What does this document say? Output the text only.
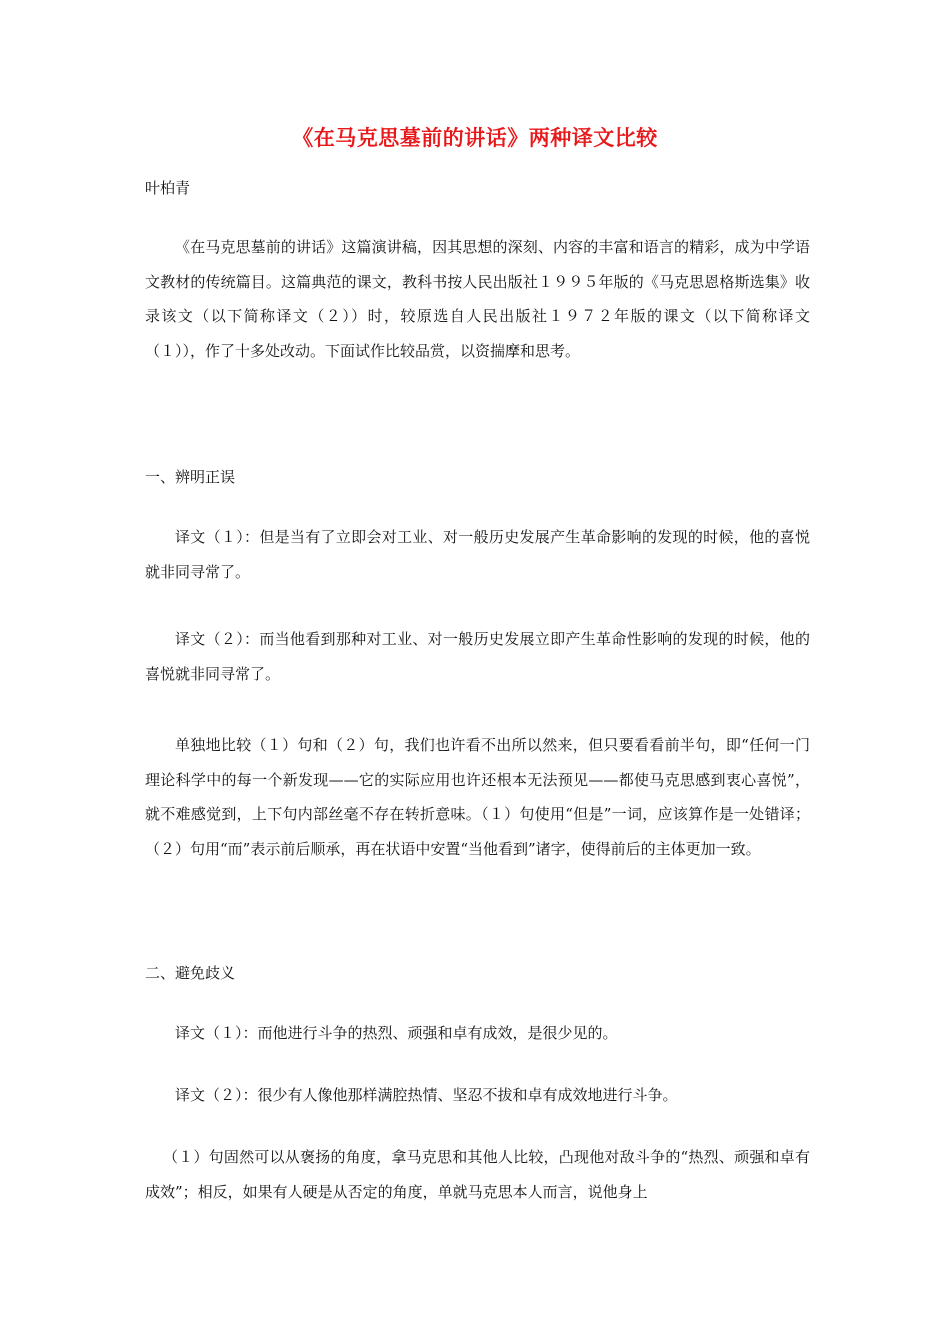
《在马克思墓前的讲话》两种译文比较

叶柏青

《在马克思墓前的讲话》这篇演讲稿，因其思想的深刻、内容的丰富和语言的精彩，成为中学语文教材的传统篇目。这篇典范的课文，教科书按人民出版社１９９５年版的《马克思恩格斯选集》收录该文（以下简称译文（２））时，较原选自人民出版社１９７２年版的课文（以下简称译文（１）），作了十多处改动。下面试作比较品赏，以资揣摩和思考。

一、辨明正误

译文（１）：但是当有了立即会对工业、对一般历史发展产生革命影响的发现的时候，他的喜悦就非同寻常了。

译文（２）：而当他看到那种对工业、对一般历史发展立即产生革命性影响的发现的时候，他的喜悦就非同寻常了。

单独地比较（１）句和（２）句，我们也许看不出所以然来，但只要看看前半句，即“任何一门理论科学中的每一个新发现——它的实际应用也许还根本无法预见——都使马克思感到衷心喜悦”，就不难感觉到，上下句内部丝毫不存在转折意味。（１）句使用“但是”一词，应该算作是一处错译；（２）句用“而”表示前后顺承，再在状语中安置“当他看到”诸字，使得前后的主体更加一致。

二、避免歧义

译文（１）：而他进行斗争的热烈、顽强和卓有成效，是很少见的。

译文（２）：很少有人像他那样满腔热情、坚忍不拔和卓有成效地进行斗争。

（１）句固然可以从褒扬的角度，拿马克思和其他人比较，凸现他对敌斗争的“热烈、顽强和卓有成效”；相反，如果有人硬是从否定的角度，单就马克思本人而言，说他身上
